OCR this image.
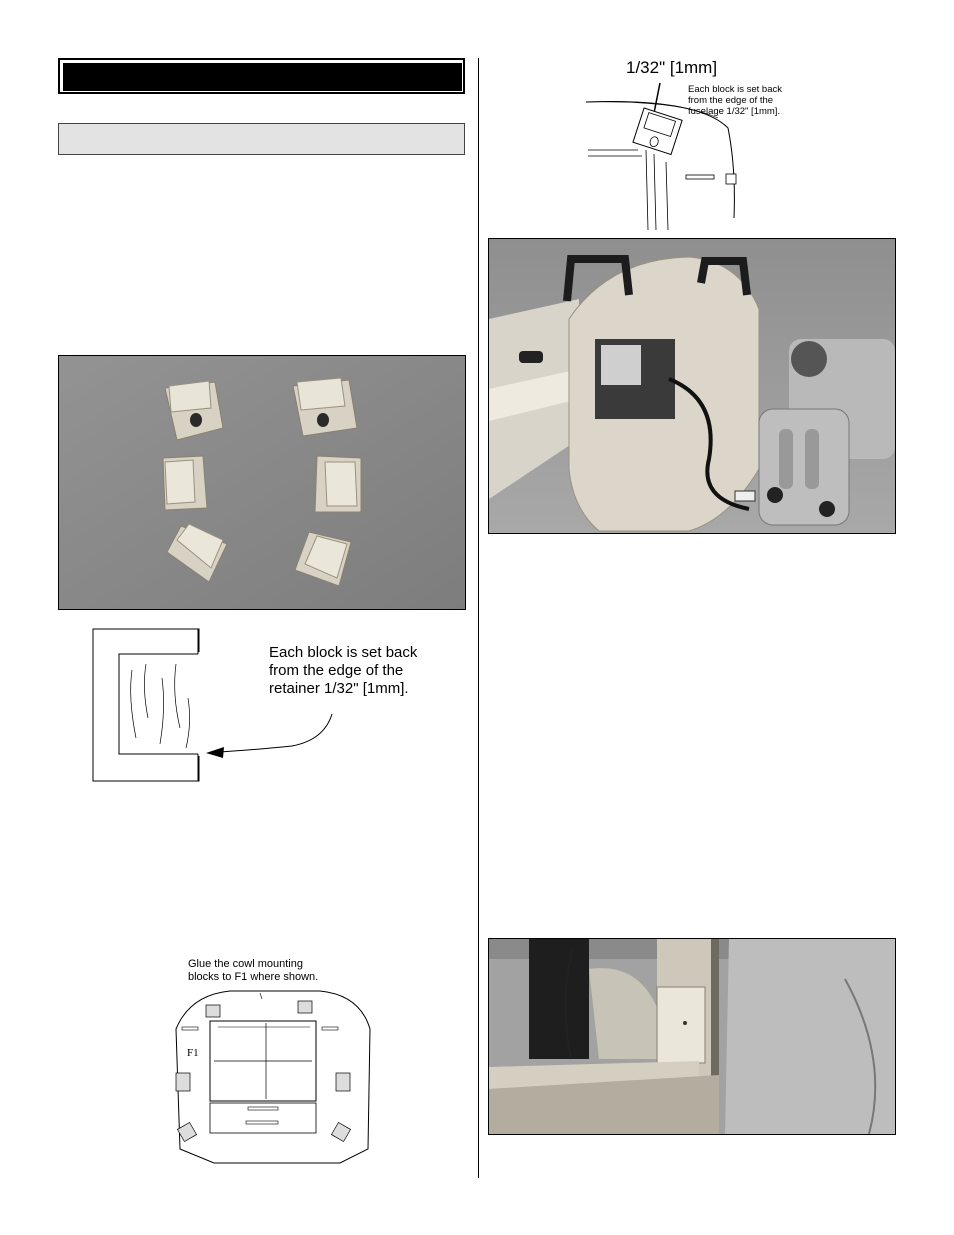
1/32" [1mm]
Each block is set back
from the edge of the
fuselage 1/32" [1mm].
Each block is set back
from the edge of the
retainer 1/32" [1mm].
Glue the cowl mounting
blocks to F1 where shown.
F1
